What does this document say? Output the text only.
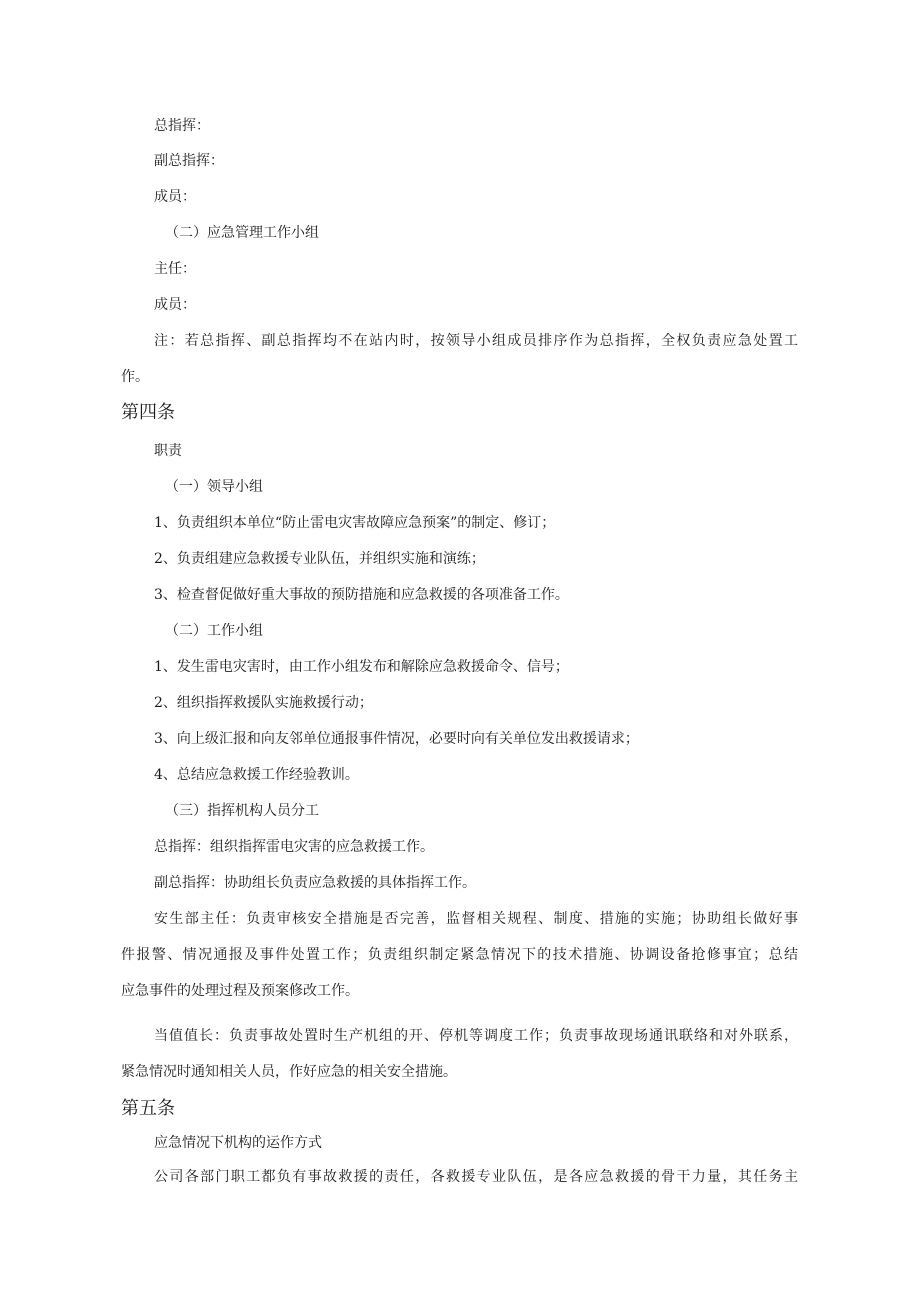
总指挥：
副总指挥：
成员：
（二）应急管理工作小组
主任：
成员：
注：若总指挥、副总指挥均不在站内时，按领导小组成员排序作为总指挥，全权负责应急处置工
作。
第四条
职责
（一）领导小组
1、负责组织本单位“防止雷电灾害故障应急预案”的制定、修订；
2、负责组建应急救援专业队伍，并组织实施和演练；
3、检查督促做好重大事故的预防措施和应急救援的各项准备工作。
（二）工作小组
1、发生雷电灾害时，由工作小组发布和解除应急救援命令、信号；
2、组织指挥救援队实施救援行动；
3、向上级汇报和向友邻单位通报事件情况，必要时向有关单位发出救援请求；
4、总结应急救援工作经验教训。
（三）指挥机构人员分工
总指挥：组织指挥雷电灾害的应急救援工作。
副总指挥：协助组长负责应急救援的具体指挥工作。
安生部主任：负责审核安全措施是否完善，监督相关规程、制度、措施的实施；协助组长做好事
件报警、情况通报及事件处置工作；负责组织制定紧急情况下的技术措施、协调设备抢修事宜；总结
应急事件的处理过程及预案修改工作。
当值值长：负责事故处置时生产机组的开、停机等调度工作；负责事故现场通讯联络和对外联系，
紧急情况时通知相关人员，作好应急的相关安全措施。
第五条
应急情况下机构的运作方式
公司各部门职工都负有事故救援的责任，各救援专业队伍，是各应急救援的骨干力量，其任务主
